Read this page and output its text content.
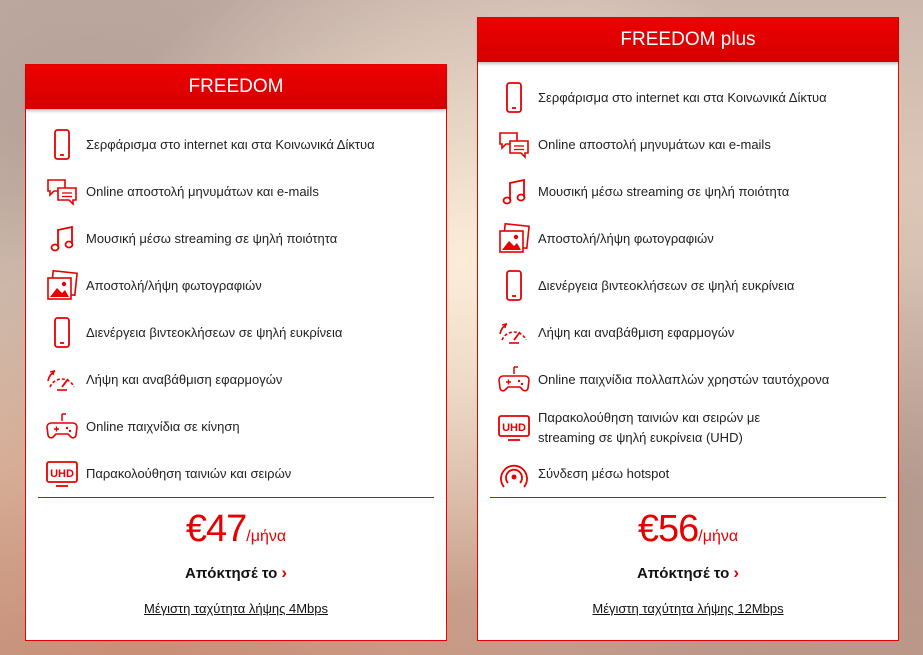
FREEDOM
Σερφάρισμα στο internet και στα Κοινωνικά Δίκτυα
Online αποστολή μηνυμάτων και e-mails
Μουσική μέσω streaming σε ψηλή ποιότητα
Αποστολή/λήψη φωτογραφιών
Διενέργεια βιντεοκλήσεων σε ψηλή ευκρίνεια
Λήψη και αναβάθμιση εφαρμογών
Online παιχνίδια σε κίνηση
Παρακολούθηση ταινιών και σειρών
€47/μήνα
Απόκτησέ το ›
Μέγιστη ταχύτητα λήψης 4Mbps
FREEDOM plus
Σερφάρισμα στο internet και στα Κοινωνικά Δίκτυα
Online αποστολή μηνυμάτων και e-mails
Μουσική μέσω streaming σε ψηλή ποιότητα
Αποστολή/λήψη φωτογραφιών
Διενέργεια βιντεοκλήσεων σε ψηλή ευκρίνεια
Λήψη και αναβάθμιση εφαρμογών
Online παιχνίδια πολλαπλών χρηστών ταυτόχρονα
Παρακολούθηση ταινιών και σειρών με streaming σε ψηλή ευκρίνεια (UHD)
Σύνδεση μέσω hotspot
€56/μήνα
Απόκτησέ το ›
Μέγιστη ταχύτητα λήψης 12Mbps
